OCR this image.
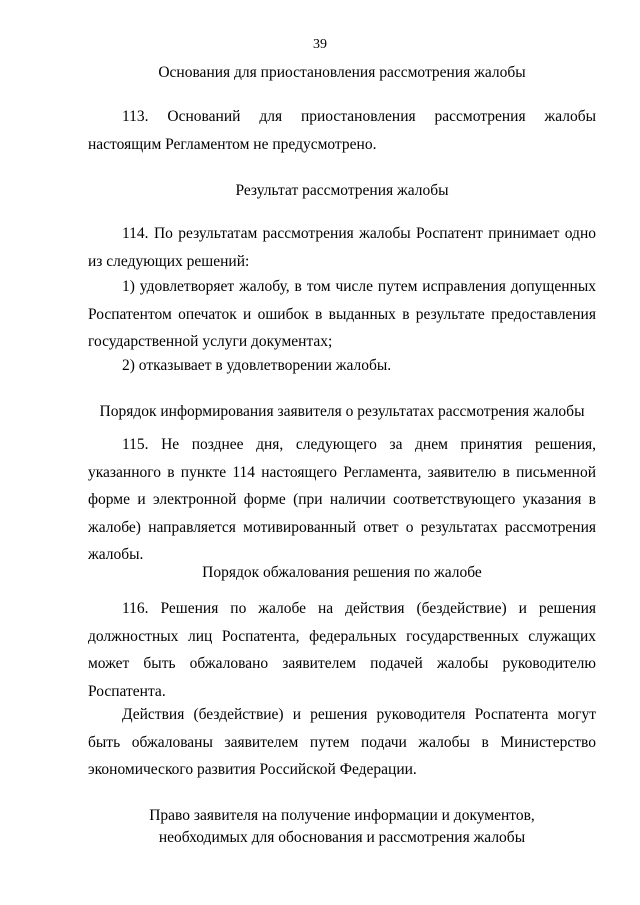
39
Основания для приостановления рассмотрения жалобы

113. Оснований для приостановления рассмотрения жалобы настоящим Регламентом не предусмотрено.

Результат рассмотрения жалобы

114. По результатам рассмотрения жалобы Роспатент принимает одно из следующих решений:

1) удовлетворяет жалобу, в том числе путем исправления допущенных Роспатентом опечаток и ошибок в выданных в результате предоставления государственной услуги документах;

2) отказывает в удовлетворении жалобы.

Порядок информирования заявителя о результатах рассмотрения жалобы

115. Не позднее дня, следующего за днем принятия решения, указанного в пункте 114 настоящего Регламента, заявителю в письменной форме и электронной форме (при наличии соответствующего указания в жалобе) направляется мотивированный ответ о результатах рассмотрения жалобы.

Порядок обжалования решения по жалобе

116. Решения по жалобе на действия (бездействие) и решения должностных лиц Роспатента, федеральных государственных служащих может быть обжаловано заявителем подачей жалобы руководителю Роспатента.

Действия (бездействие) и решения руководителя Роспатента могут быть обжалованы заявителем путем подачи жалобы в Министерство экономического развития Российской Федерации.

Право заявителя на получение информации и документов,
необходимых для обоснования и рассмотрения жалобы
